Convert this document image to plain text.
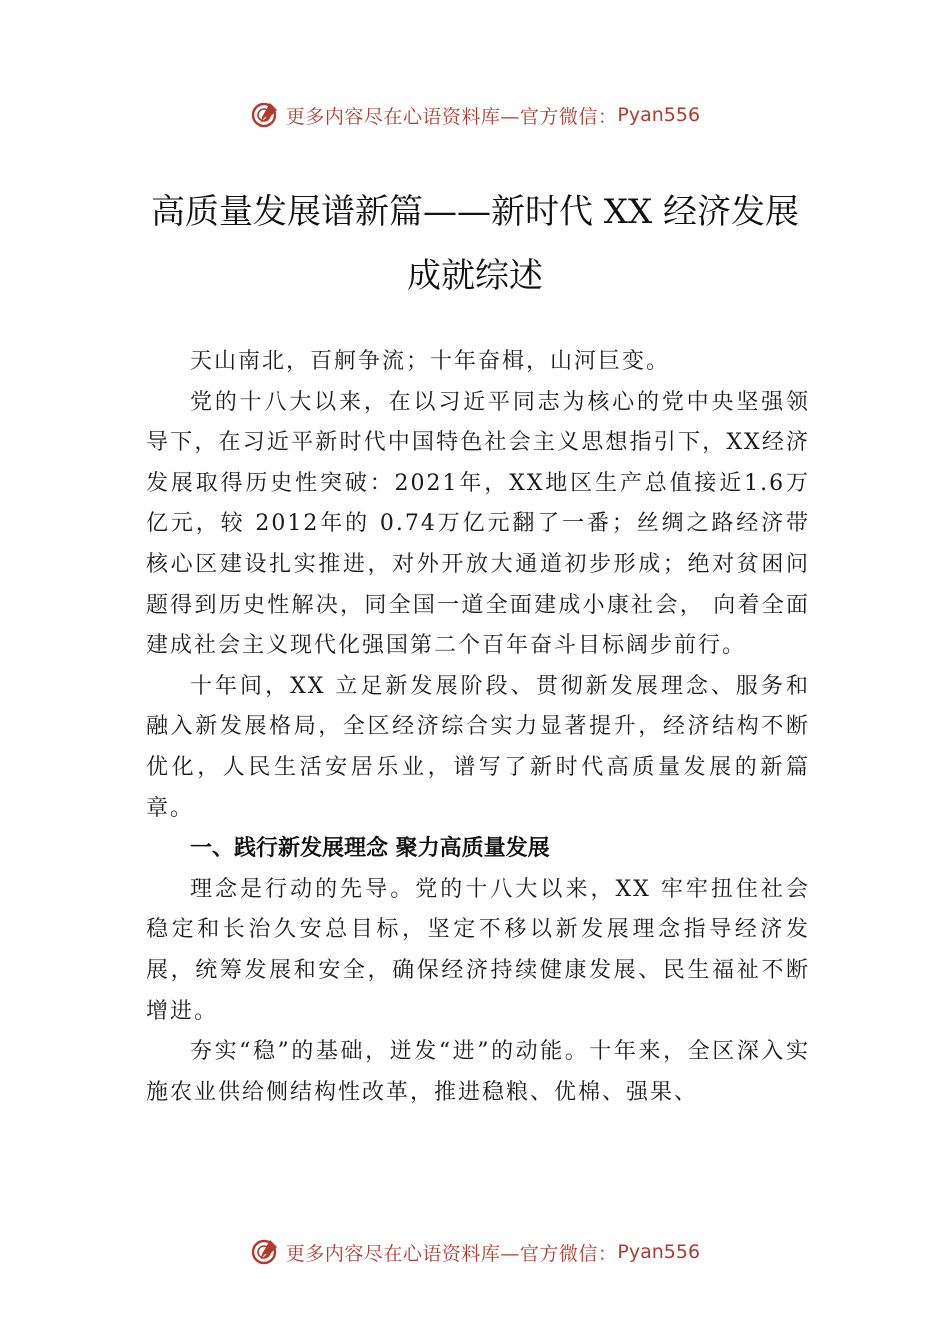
更多内容尽在心语资料库—官方微信： Pyan556
高质量发展谱新篇——新时代 XX 经济发展成就综述

天山南北，百舸争流；十年奋楫，山河巨变。

党的十八大以来，在以习近平同志为核心的党中央坚强领导下，在习近平新时代中国特色社会主义思想指引下，XX经济发展取得历史性突破：2021年，XX地区生产总值接近1.6万亿元，较 2012年的 0.74万亿元翻了一番；丝绸之路经济带核心区建设扎实推进，对外开放大通道初步形成；绝对贫困问题得到历史性解决，同全国一道全面建成小康社会， 向着全面建成社会主义现代化强国第二个百年奋斗目标阔步前行。

十年间，XX 立足新发展阶段、贯彻新发展理念、服务和融入新发展格局，全区经济综合实力显著提升，经济结构不断优化，人民生活安居乐业，谱写了新时代高质量发展的新篇章。

一、践行新发展理念 聚力高质量发展

理念是行动的先导。党的十八大以来，XX 牢牢扭住社会稳定和长治久安总目标，坚定不移以新发展理念指导经济发展，统筹发展和安全，确保经济持续健康发展、民生福祉不断增进。

夯实“稳”的基础，迸发“进”的动能。十年来，全区深入实施农业供给侧结构性改革，推进稳粮、优棉、强果、

更多内容尽在心语资料库—官方微信： Pyan556
